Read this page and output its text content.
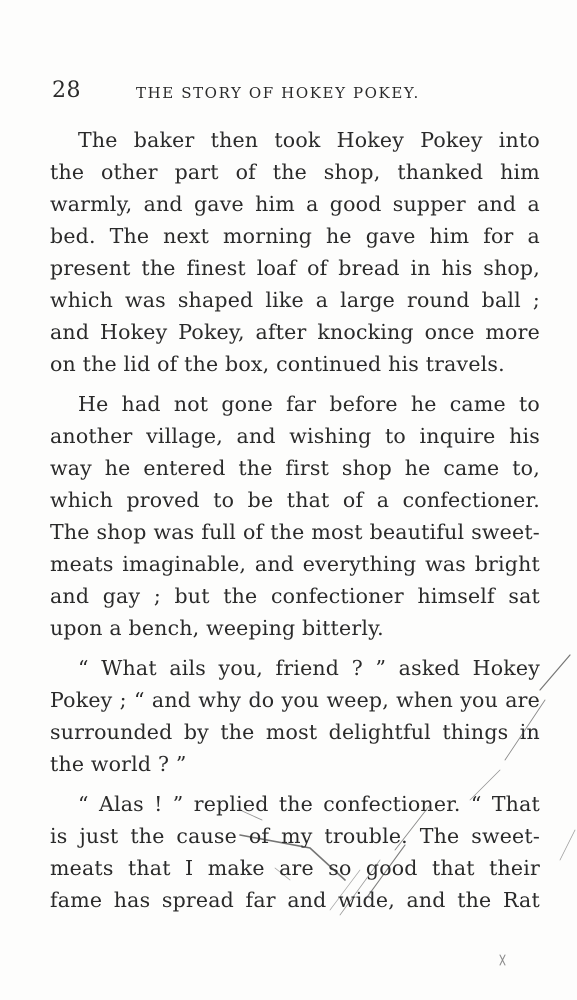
28	THE STORY OF HOKEY POKEY.
The baker then took Hokey Pokey into
the other part of the shop, thanked him
warmly, and gave him a good supper and a
bed. The next morning he gave him for a
present the finest loaf of bread in his shop,
which was shaped like a large round ball ;
and Hokey Pokey, after knocking once more
on the lid of the box, continued his travels.
He had not gone far before he came to
another village, and wishing to inquire his
way he entered the first shop he came to,
which proved to be that of a confectioner.
The shop was full of the most beautiful sweet-
meats imaginable, and everything was bright
and gay ; but the confectioner himself sat
upon a bench, weeping bitterly.
“ What ails you, friend ? ” asked Hokey
Pokey ; “ and why do you weep, when you are
surrounded by the most delightful things in
the world ? ”
“ Alas ! ” replied the confectioner. “ That
is just the cause of my trouble. The sweet-
meats that I make are so good that their
fame has spread far and wide, and the Rat
